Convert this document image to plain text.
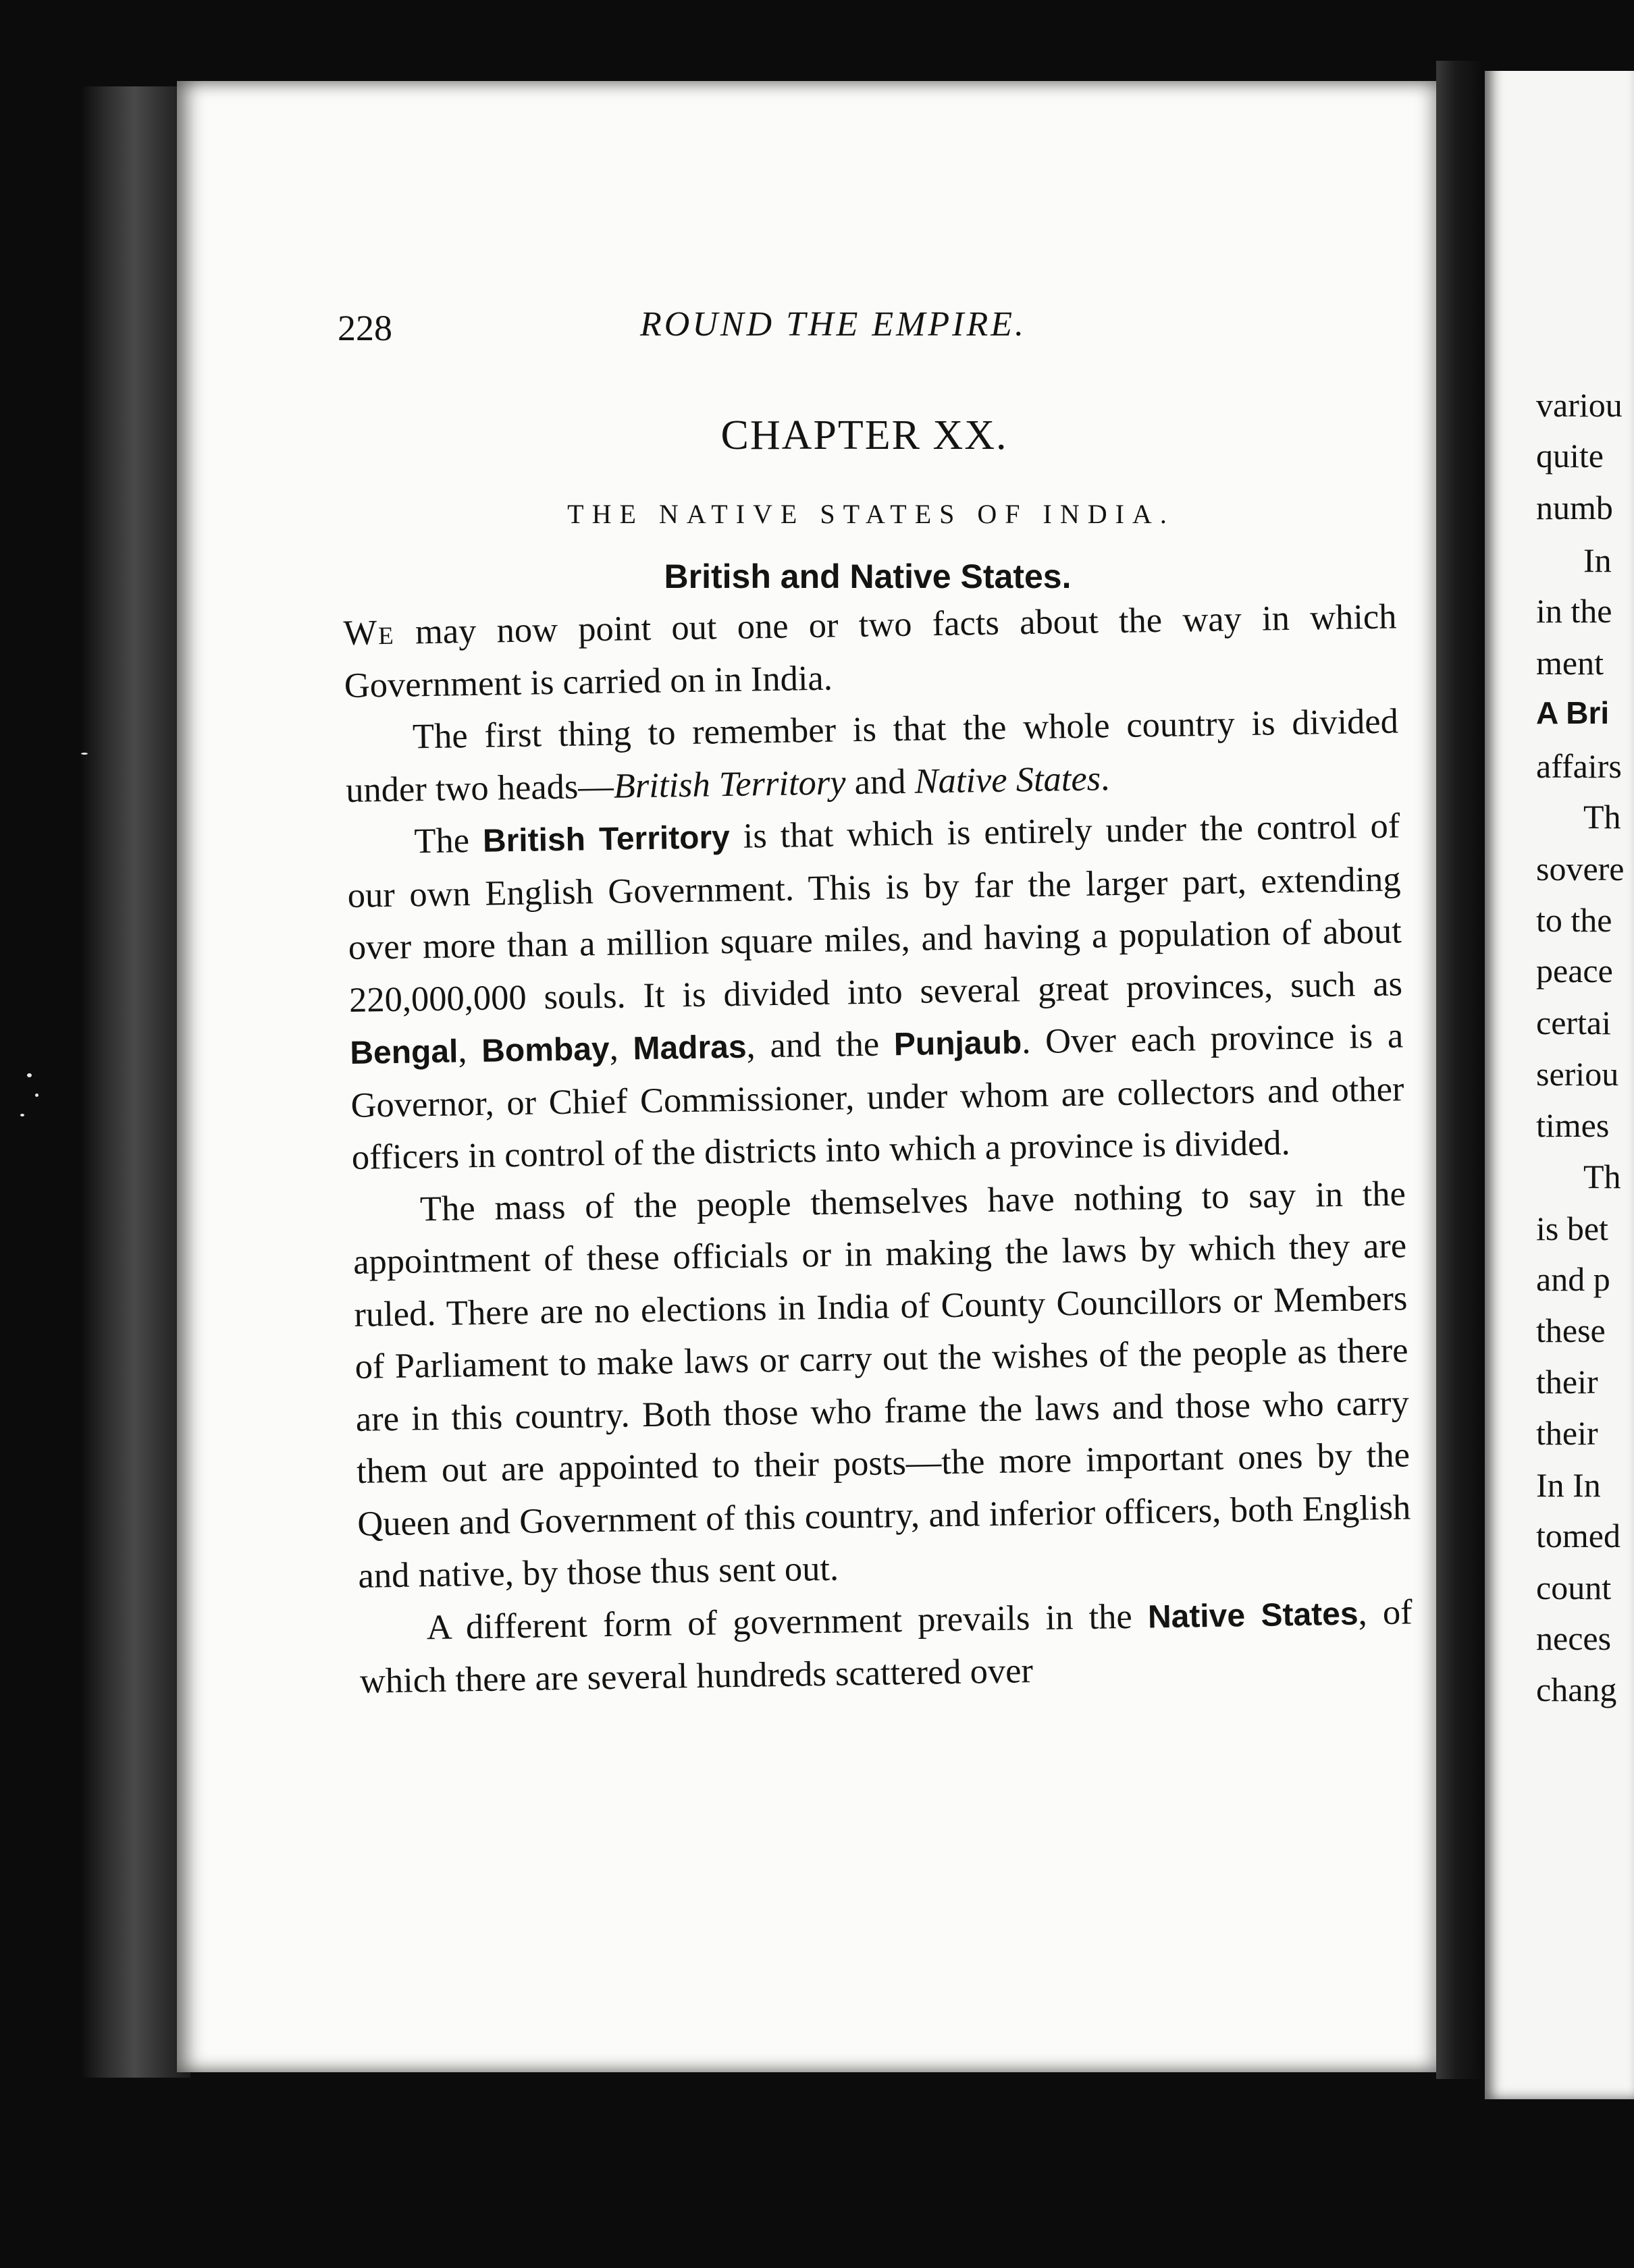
228	ROUND THE EMPIRE.
CHAPTER XX.
THE NATIVE STATES OF INDIA.
British and Native States.

We may now point out one or two facts about the way in which Government is carried on in India.

The first thing to remember is that the whole country is divided under two heads—British Territory and Native States.

The British Territory is that which is entirely under the control of our own English Government. This is by far the larger part, extending over more than a million square miles, and having a population of about 220,000,000 souls. It is divided into several great provinces, such as Bengal, Bombay, Madras, and the Punjaub. Over each province is a Governor, or Chief Commissioner, under whom are collectors and other officers in control of the districts into which a province is divided.

The mass of the people themselves have nothing to say in the appointment of these officials or in making the laws by which they are ruled. There are no elections in India of County Councillors or Members of Parliament to make laws or carry out the wishes of the people as there are in this country. Both those who frame the laws and those who carry them out are appointed to their posts—the more important ones by the Queen and Government of this country, and inferior officers, both English and native, by those thus sent out.

A different form of government prevails in the Native States, of which there are several hundreds scattered over

variou
quite
numb
In
in the
ment
A Bri
affairs
Th
sovere
to the
peace
certai
seriou
times
Th
is bet
and p
these
their
their
In In
tomed
count
neces
chang
